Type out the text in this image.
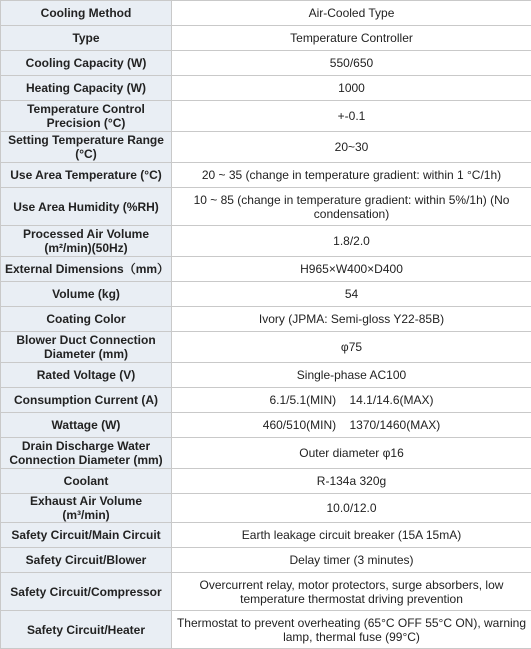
Cooling Method	Air-Cooled Type
Type	Temperature Controller
Cooling Capacity (W)	550/650
Heating Capacity (W)	1000
Temperature Control Precision (°C)	+-0.1
Setting Temperature Range (°C)	20~30
Use Area Temperature (°C)	20 ~ 35 (change in temperature gradient: within 1 °C/1h)
Use Area Humidity (%RH)	10 ~ 85 (change in temperature gradient: within 5%/1h) (No condensation)
Processed Air Volume (m²/min)(50Hz)	1.8/2.0
External Dimensions（mm）	H965×W400×D400
Volume (kg)	54
Coating Color	Ivory (JPMA: Semi-gloss Y22-85B)
Blower Duct Connection Diameter (mm)	φ75
Rated Voltage (V)	Single-phase AC100
Consumption Current (A)	6.1/5.1(MIN)    14.1/14.6(MAX)
Wattage (W)	460/510(MIN)    1370/1460(MAX)
Drain Discharge Water Connection Diameter (mm)	Outer diameter φ16
Coolant	R-134a 320g
Exhaust Air Volume (m³/min)	10.0/12.0
Safety Circuit/Main Circuit	Earth leakage circuit breaker (15A 15mA)
Safety Circuit/Blower	Delay timer (3 minutes)
Safety Circuit/Compressor	Overcurrent relay, motor protectors, surge absorbers, low temperature thermostat driving prevention
Safety Circuit/Heater	Thermostat to prevent overheating (65°C OFF 55°C ON), warning lamp, thermal fuse (99°C)
